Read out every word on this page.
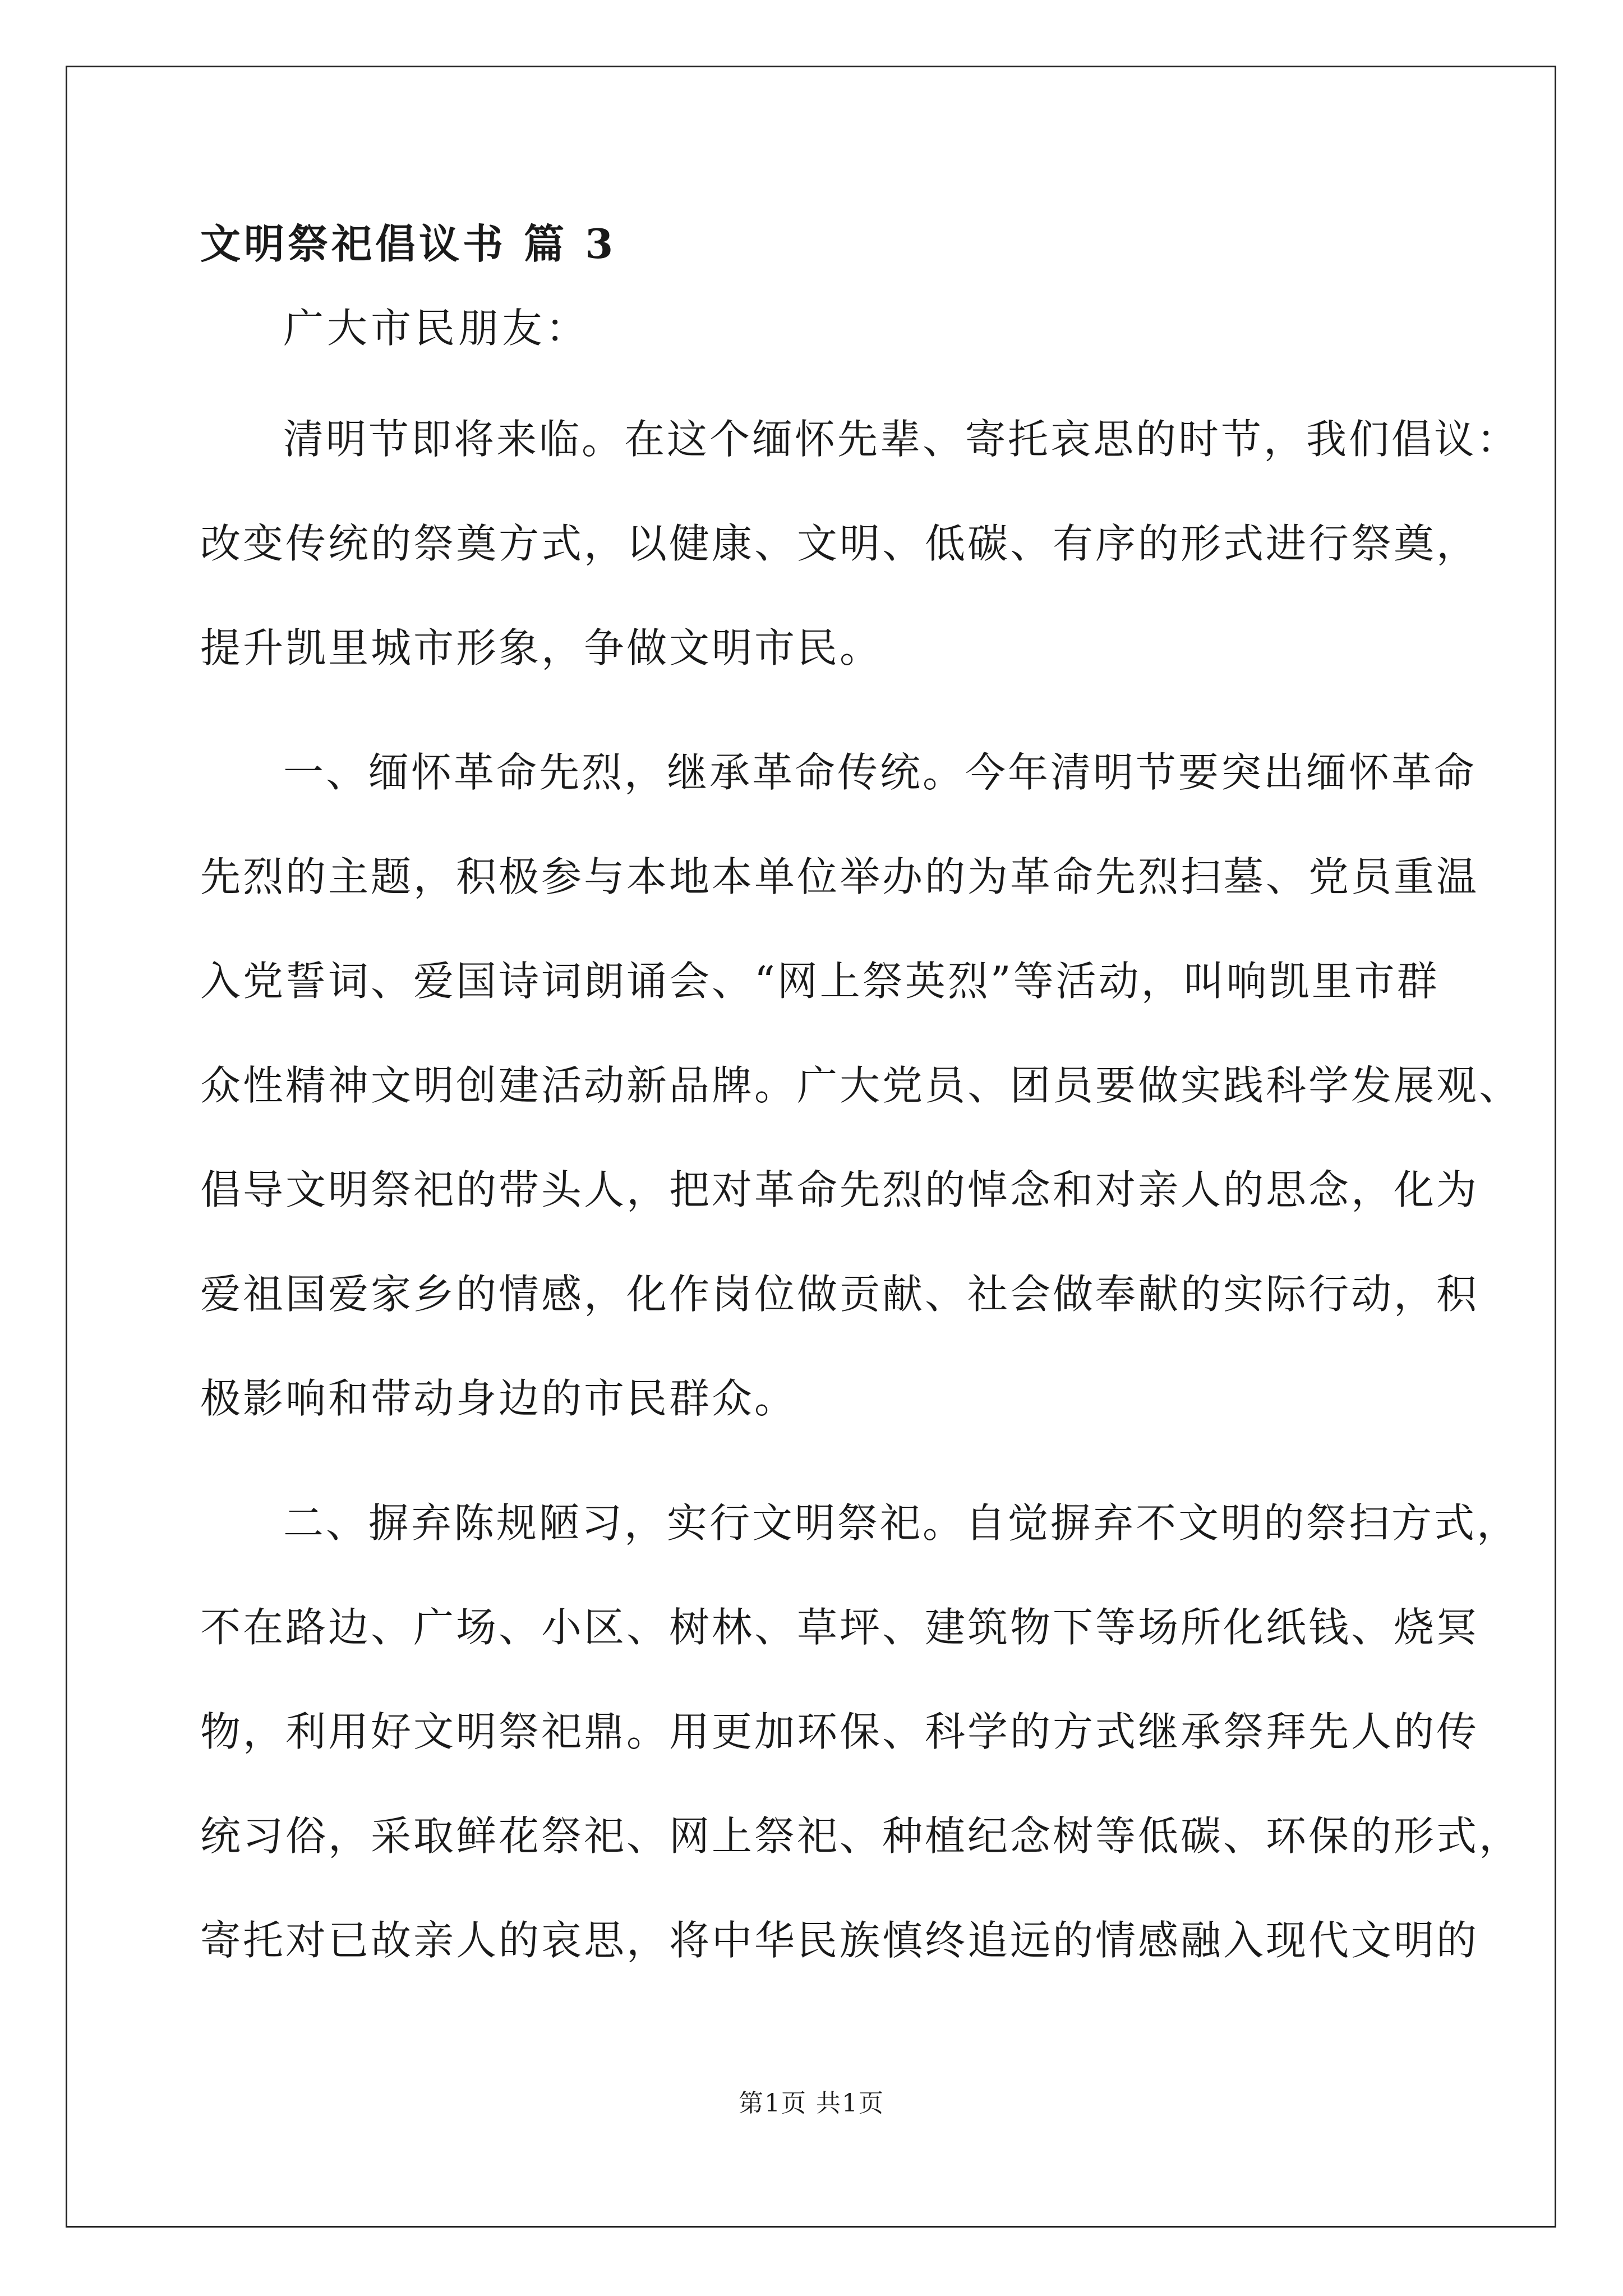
文明祭祀倡议书 篇 3

广大市民朋友：

清明节即将来临。在这个缅怀先辈、寄托哀思的时节，我们倡议：
改变传统的祭奠方式，以健康、文明、低碳、有序的形式进行祭奠，
提升凯里城市形象，争做文明市民。
一、缅怀革命先烈，继承革命传统。今年清明节要突出缅怀革命
先烈的主题，积极参与本地本单位举办的为革命先烈扫墓、党员重温
入党誓词、爱国诗词朗诵会、“网上祭英烈”等活动，叫响凯里市群
众性精神文明创建活动新品牌。广大党员、团员要做实践科学发展观、
倡导文明祭祀的带头人，把对革命先烈的悼念和对亲人的思念，化为
爱祖国爱家乡的情感，化作岗位做贡献、社会做奉献的实际行动，积
极影响和带动身边的市民群众。
二、摒弃陈规陋习，实行文明祭祀。自觉摒弃不文明的祭扫方式，
不在路边、广场、小区、树林、草坪、建筑物下等场所化纸钱、烧冥
物，利用好文明祭祀鼎。用更加环保、科学的方式继承祭拜先人的传
统习俗，采取鲜花祭祀、网上祭祀、种植纪念树等低碳、环保的形式，
寄托对已故亲人的哀思，将中华民族慎终追远的情感融入现代文明的
第1页 共1页
